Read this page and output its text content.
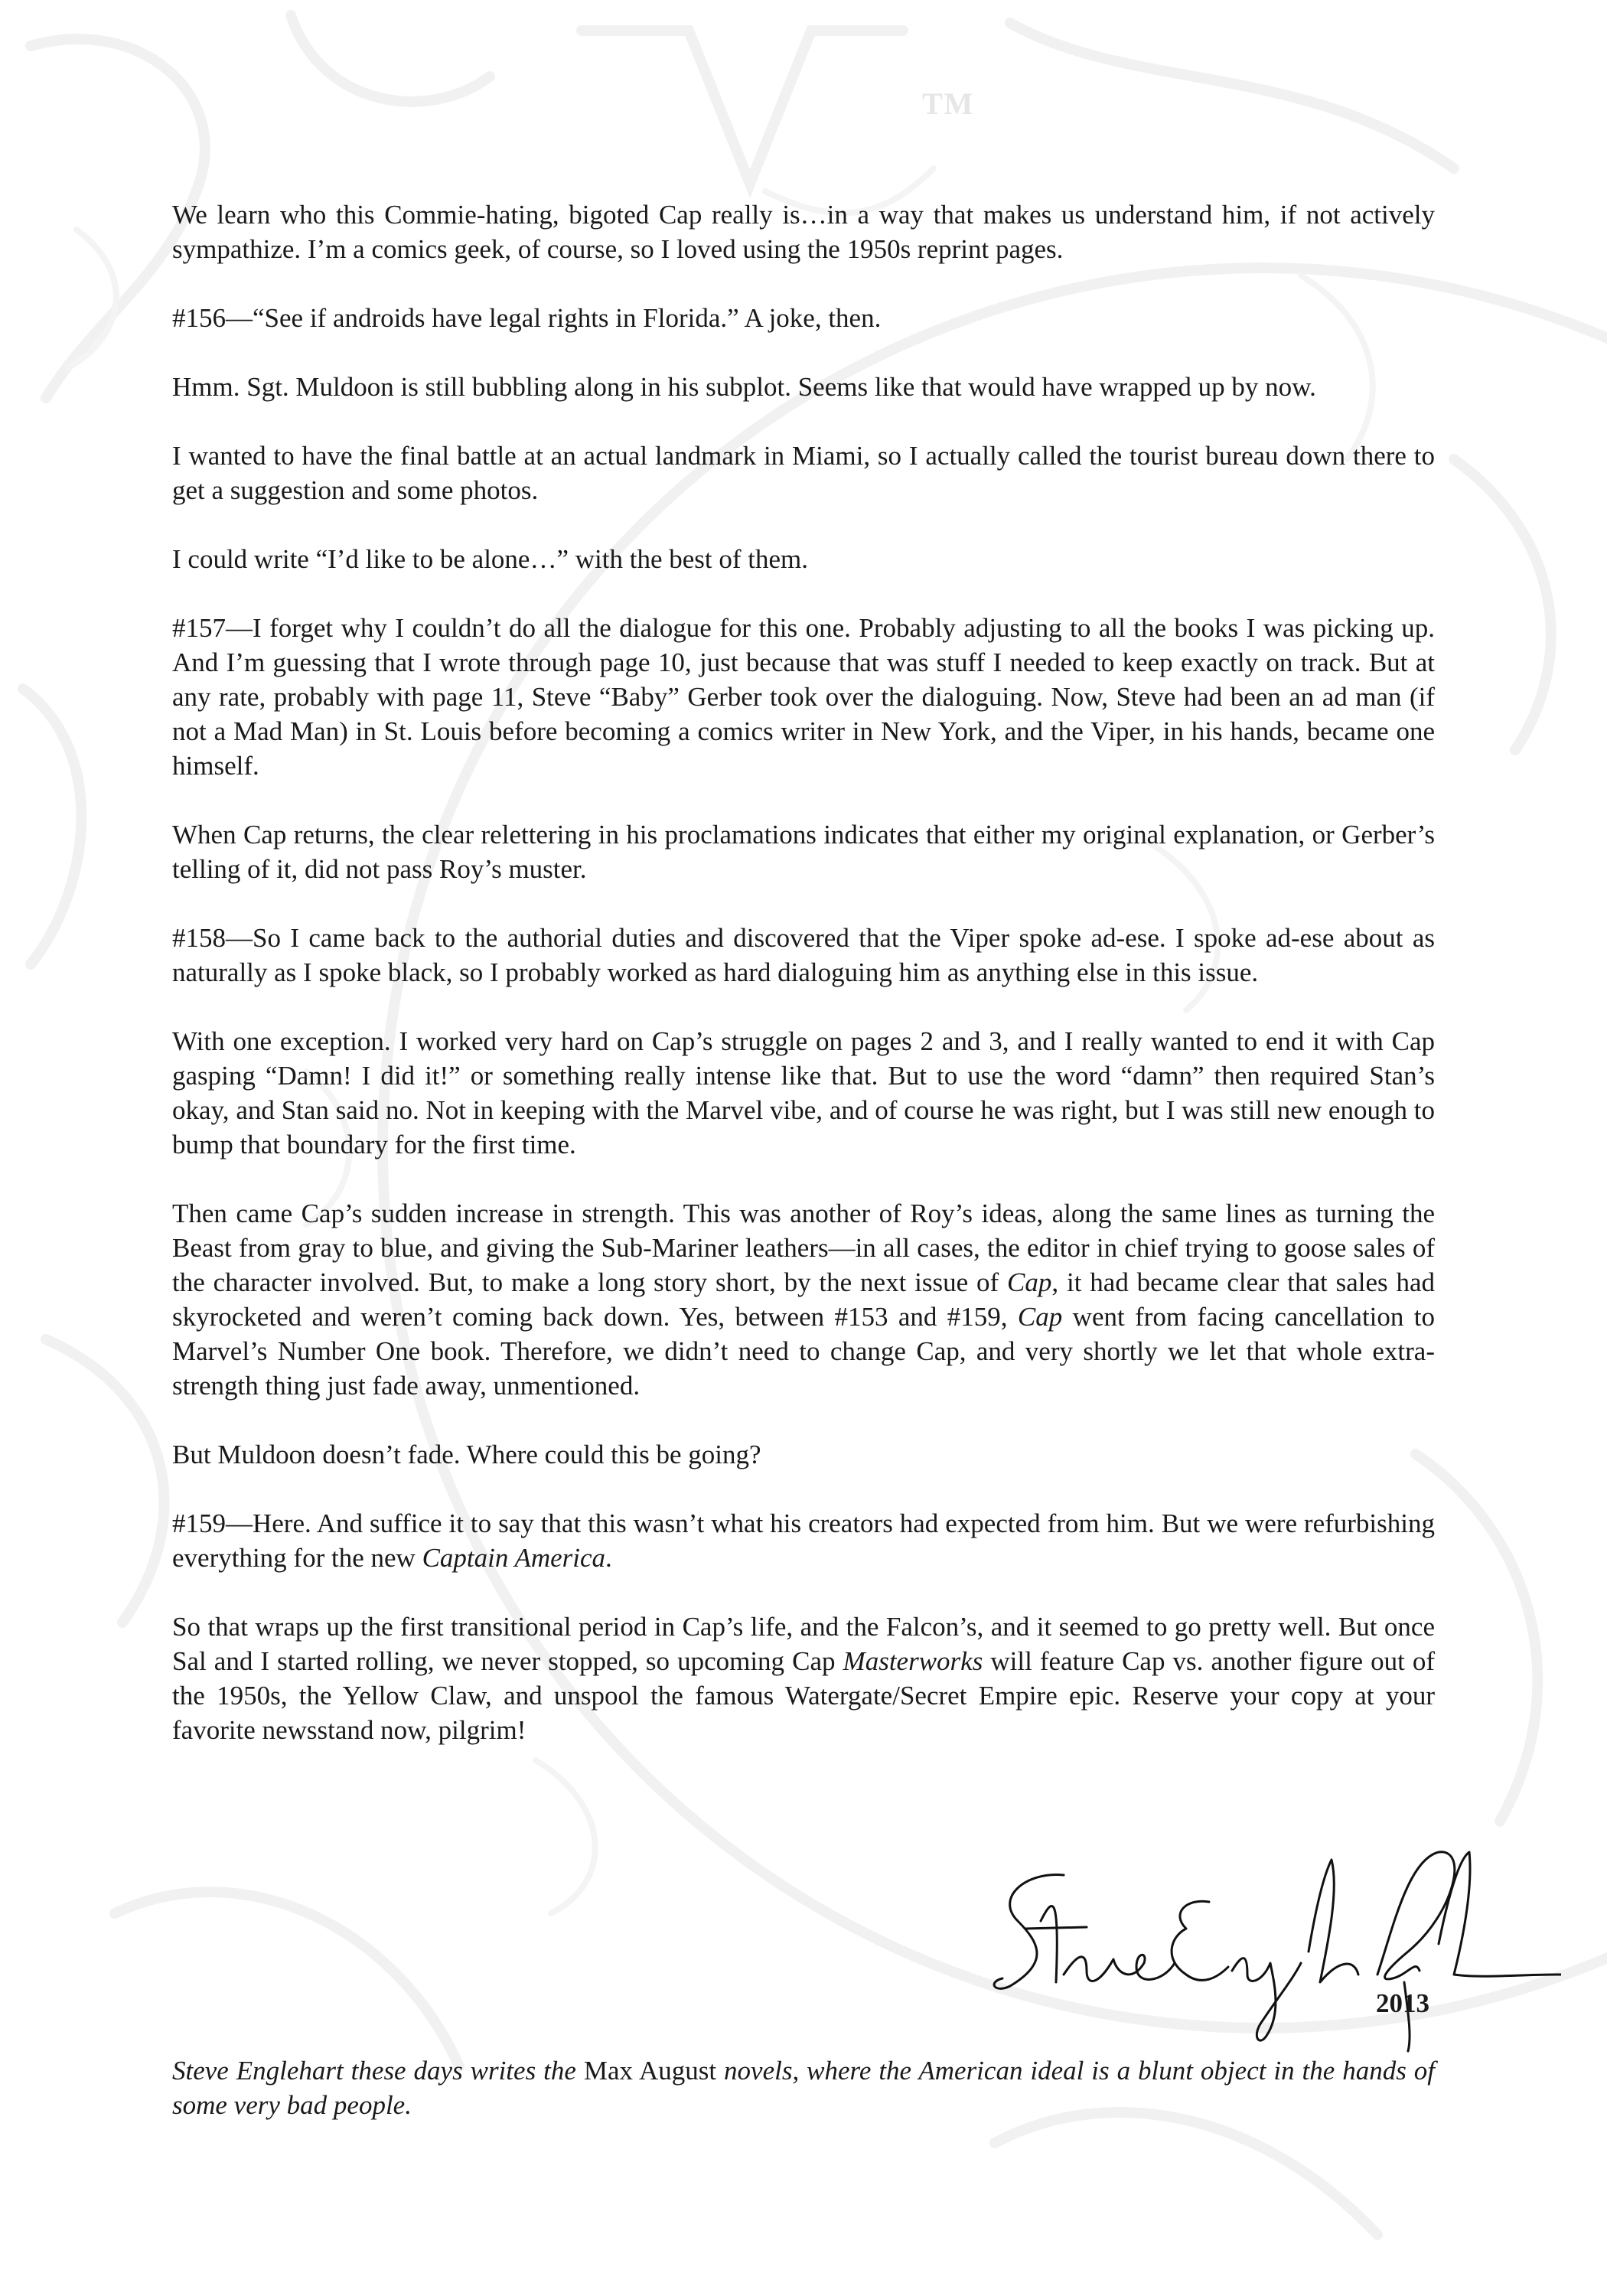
TM

We learn who this Commie-hating, bigoted Cap really is…in a way that makes us understand him, if not actively sympathize. I’m a comics geek, of course, so I loved using the 1950s reprint pages.

#156—“See if androids have legal rights in Florida.” A joke, then.

Hmm. Sgt. Muldoon is still bubbling along in his subplot. Seems like that would have wrapped up by now.

I wanted to have the final battle at an actual landmark in Miami, so I actually called the tourist bureau down there to get a suggestion and some photos.

I could write “I’d like to be alone…” with the best of them.

#157—I forget why I couldn’t do all the dialogue for this one. Probably adjusting to all the books I was picking up. And I’m guessing that I wrote through page 10, just because that was stuff I needed to keep exactly on track. But at any rate, probably with page 11, Steve “Baby” Gerber took over the dialoguing. Now, Steve had been an ad man (if not a Mad Man) in St. Louis before becoming a comics writer in New York, and the Viper, in his hands, became one himself.

When Cap returns, the clear relettering in his proclamations indicates that either my original explanation, or Gerber’s telling of it, did not pass Roy’s muster.

#158—So I came back to the authorial duties and discovered that the Viper spoke ad-ese. I spoke ad-ese about as naturally as I spoke black, so I probably worked as hard dialoguing him as anything else in this issue.

With one exception. I worked very hard on Cap’s struggle on pages 2 and 3, and I really wanted to end it with Cap gasping “Damn! I did it!” or something really intense like that. But to use the word “damn” then required Stan’s okay, and Stan said no. Not in keeping with the Marvel vibe, and of course he was right, but I was still new enough to bump that boundary for the first time.

Then came Cap’s sudden increase in strength. This was another of Roy’s ideas, along the same lines as turning the Beast from gray to blue, and giving the Sub-Mariner leathers—in all cases, the editor in chief trying to goose sales of the character involved. But, to make a long story short, by the next issue of Cap, it had became clear that sales had skyrocketed and weren’t coming back down. Yes, between #153 and #159, Cap went from facing cancellation to Marvel’s Number One book. Therefore, we didn’t need to change Cap, and very shortly we let that whole extra-strength thing just fade away, unmentioned.

But Muldoon doesn’t fade. Where could this be going?

#159—Here. And suffice it to say that this wasn’t what his creators had expected from him. But we were refurbishing everything for the new Captain America.

So that wraps up the first transitional period in Cap’s life, and the Falcon’s, and it seemed to go pretty well. But once Sal and I started rolling, we never stopped, so upcoming Cap Masterworks will feature Cap vs. another figure out of the 1950s, the Yellow Claw, and unspool the famous Watergate/Secret Empire epic. Reserve your copy at your favorite newsstand now, pilgrim!

2013

Steve Englehart these days writes the Max August novels, where the American ideal is a blunt object in the hands of some very bad people.
